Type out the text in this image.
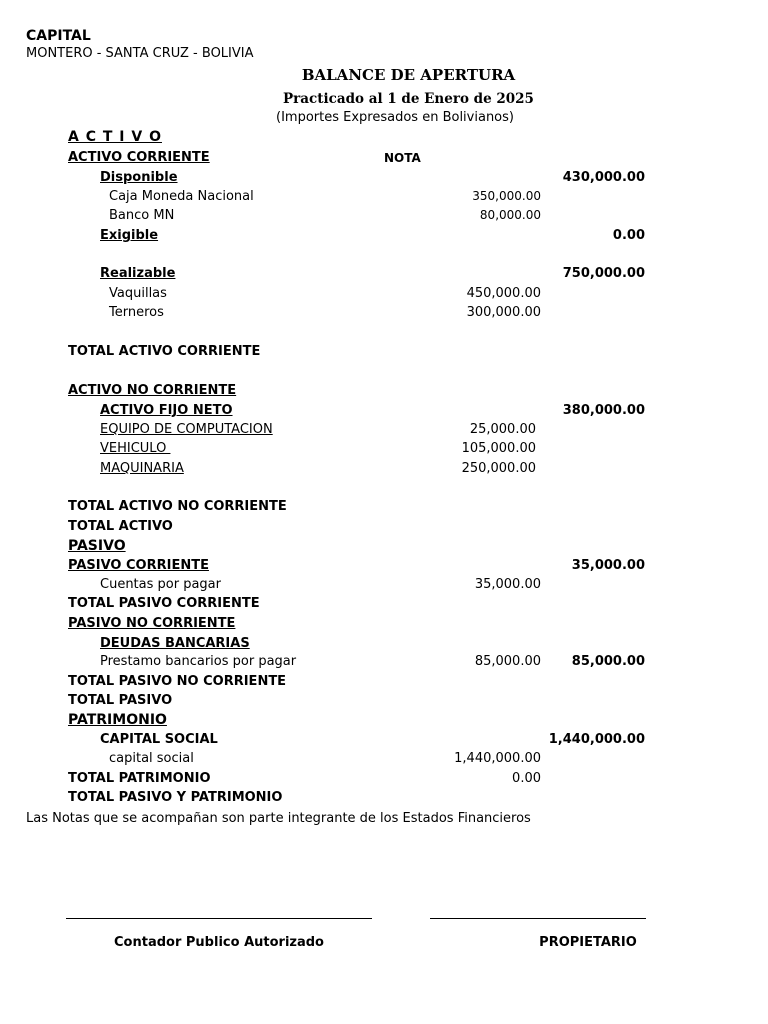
CAPITAL
MONTERO - SANTA CRUZ - BOLIVIA
BALANCE DE APERTURA
Practicado al 1 de Enero de 2025
(Importes Expresados en Bolivianos)
A C T I V O
ACTIVO CORRIENTE	NOTA
Disponible	430,000.00
Caja Moneda Nacional	350,000.00
Banco MN	80,000.00
Exigible	0.00
Realizable	750,000.00
Vaquillas	450,000.00
Terneros	300,000.00
TOTAL ACTIVO CORRIENTE
ACTIVO NO CORRIENTE
ACTIVO FIJO NETO	380,000.00
EQUIPO DE COMPUTACION	25,000.00
VEHICULO	105,000.00
MAQUINARIA	250,000.00
TOTAL ACTIVO NO CORRIENTE
TOTAL ACTIVO
PASIVO
PASIVO CORRIENTE	35,000.00
Cuentas por pagar	35,000.00
TOTAL PASIVO CORRIENTE
PASIVO NO CORRIENTE
DEUDAS BANCARIAS
Prestamo bancarios por pagar	85,000.00 85,000.00
TOTAL PASIVO NO CORRIENTE
TOTAL PASIVO
PATRIMONIO
CAPITAL SOCIAL	1,440,000.00
capital social	1,440,000.00
TOTAL PATRIMONIO	0.00
TOTAL PASIVO Y PATRIMONIO
Las Notas que se acompañan son parte integrante de los Estados Financieros
Contador Publico Autorizado	PROPIETARIO
